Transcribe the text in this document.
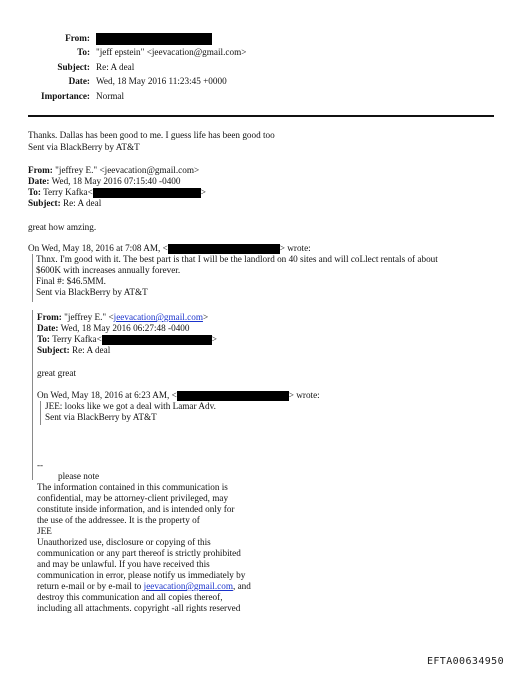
From:
To: "jeff epstein" <jeevacation@gmail.com>
Subject: Re: A deal
Date: Wed, 18 May 2016 11:23:45 +0000
Importance: Normal
Thanks. Dallas has been good to me. I guess life has been good too
Sent via BlackBerry by AT&T
From: "jeffrey E." <jeevacation@gmail.com>
Date: Wed, 18 May 2016 07:15:40 -0400
To: Terry Kafka<	>
Subject: Re: A deal
great how amzing.
On Wed, May 18, 2016 at 7:08 AM, <	> wrote:
Thnx. I'm good with it. The best part is that I will be the landlord on 40 sites and will coLlect rentals of about
$600K with increases annually forever.
Final #: $46.5MM.
Sent via BlackBerry by AT&T
From: "jeffrey E." <jeevacation@gmail.com>
Date: Wed, 18 May 2016 06:27:48 -0400
To: Terry Kafka<	>
Subject: Re: A deal
great great
On Wed, May 18, 2016 at 6:23 AM, <	> wrote:
JEE: looks like we got a deal with Lamar Adv.
Sent via BlackBerry by AT&T
--
please note
The information contained in this communication is
confidential, may be attorney-client privileged, may
constitute inside information, and is intended only for
the use of the addressee. It is the property of
JEE
Unauthorized use, disclosure or copying of this
communication or any part thereof is strictly prohibited
and may be unlawful. If you have received this
communication in error, please notify us immediately by
return e-mail or by e-mail to jeevacation@gmail.com, and
destroy this communication and all copies thereof,
including all attachments. copyright -all rights reserved
EFTA00634950
